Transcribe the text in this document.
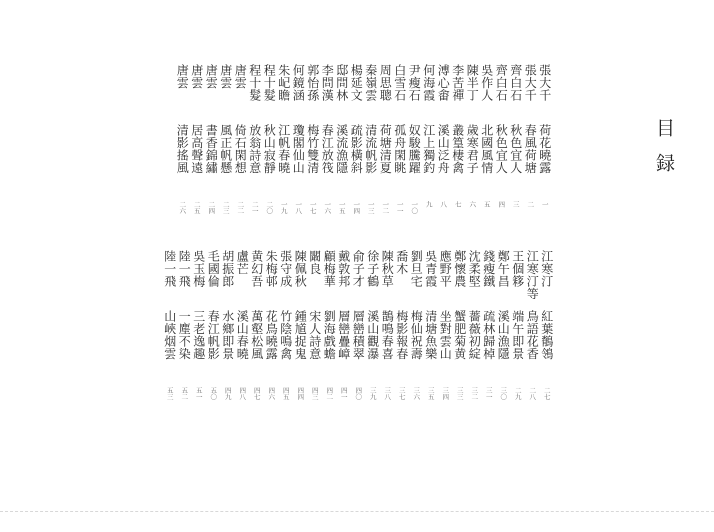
目録
張大千
荷花曉露
一
張大千
春風荷塘
二
齊白石
秋色宜人
三
齊白石
秋色宜人
四
吳作人
北國風情
五
陳半丁
歲寒君子
六
李苦禪
叢篁棲禽
七
溥心畬
溪山泛舟
八
何海霞
江上獨釣
九
尹瘦石
奴駿騰躍
一〇
白雪石
孤舟閑眺
一一
周思聰
荷塘清夏
一二
秦嶺雲
清流帆影
一三
楊延文
疏影橫斜
一四
邸問林
溪流漁隱
一五
李問漢
春江放筏
一六
郭怡孫
梅竹雙清
一七
何鏡涵
瓊閣仙山
一八
朱屺瞻
江帆春曉
一九
程十髮
秋山寂靜
二〇
程十髮
放翁詩意
二一
唐雲
倚石閑想
二二
唐雲
風正帆懸
二三
唐雲
書香錦繡
二四
唐雲
居高聲遠
二五
唐雲
清影搖風
二六
江寒汀
紅葉鶺鴒
二七
江寒汀等
鳥語花香
二八
王個簃
端午即景
二九
鄭午昌
溪山漁隱
三〇
錢瘦鐵
疏林歸棹
三一
沈柔堅
薔薇初綻
三二
鄭懷農
蟹肥菊黄
三三
應野平
坐對雲山
三四
吳青霞
清塘魚樂
三五
劉旦宅
梅仙祝壽
三六
喬木
梅影報春
三七
陳秋草
鵲鳴春喜
三八
徐子鶴
溪山觀瀑
三九
俞子才
層巒積翠
四〇
戴敦邦
層巒疊嶂
四一
顧梅華
劉海戲蟾
四二
闞良
宋人詩意
四三
陳佩秋
鍾馗捉鬼
四四
張守成
竹陰鳴禽
四五
朱梅邨
花鳥曉露
四六
黄幻吾
萬壑松風
四七
盧芒
溪山春曉
四八
胡振郎
水鄉即景
四九
毛國倫
春江帆影
五〇
吳玉梅
三老逸趣
五一
陸一飛
一塵不染
五二
陸一飛
山峽烟雲
五三
